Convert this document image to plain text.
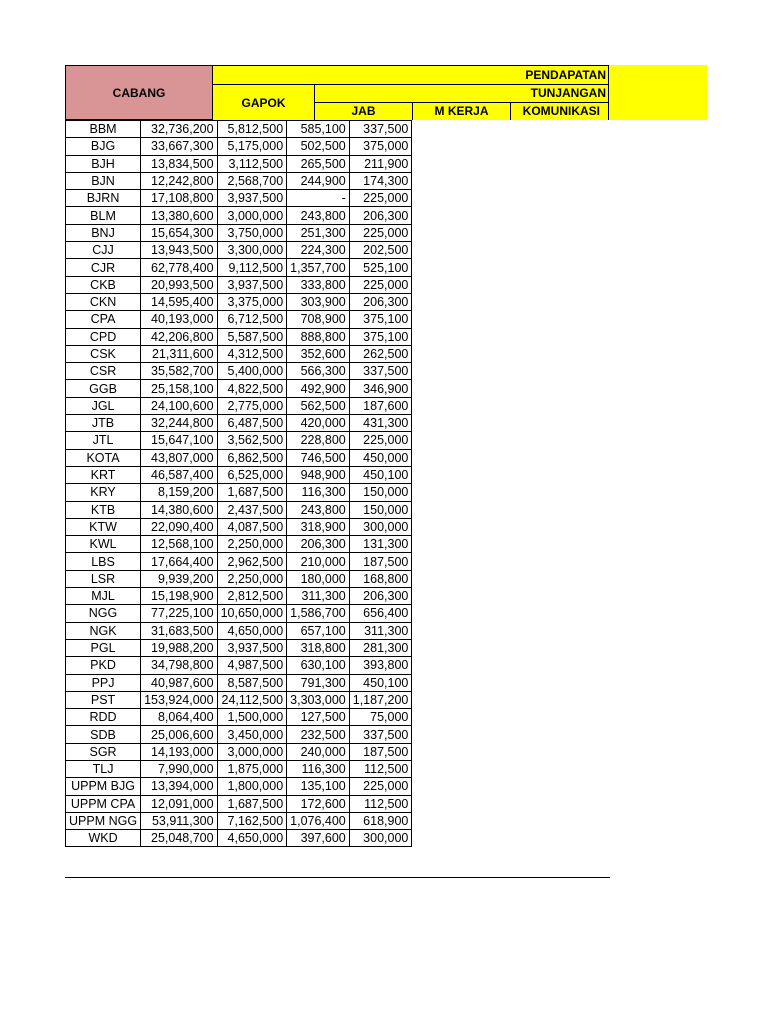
CABANG
PENDAPATAN
GAPOK
TUNJANGAN
JAB	M KERJA	KOMUNIKASI
BBM	32,736,200	5,812,500	585,100	337,500
BJG	33,667,300	5,175,000	502,500	375,000
BJH	13,834,500	3,112,500	265,500	211,900
BJN	12,242,800	2,568,700	244,900	174,300
BJRN	17,108,800	3,937,500	-	225,000
BLM	13,380,600	3,000,000	243,800	206,300
BNJ	15,654,300	3,750,000	251,300	225,000
CJJ	13,943,500	3,300,000	224,300	202,500
CJR	62,778,400	9,112,500	1,357,700	525,100
CKB	20,993,500	3,937,500	333,800	225,000
CKN	14,595,400	3,375,000	303,900	206,300
CPA	40,193,000	6,712,500	708,900	375,100
CPD	42,206,800	5,587,500	888,800	375,100
CSK	21,311,600	4,312,500	352,600	262,500
CSR	35,582,700	5,400,000	566,300	337,500
GGB	25,158,100	4,822,500	492,900	346,900
JGL	24,100,600	2,775,000	562,500	187,600
JTB	32,244,800	6,487,500	420,000	431,300
JTL	15,647,100	3,562,500	228,800	225,000
KOTA	43,807,000	6,862,500	746,500	450,000
KRT	46,587,400	6,525,000	948,900	450,100
KRY	8,159,200	1,687,500	116,300	150,000
KTB	14,380,600	2,437,500	243,800	150,000
KTW	22,090,400	4,087,500	318,900	300,000
KWL	12,568,100	2,250,000	206,300	131,300
LBS	17,664,400	2,962,500	210,000	187,500
LSR	9,939,200	2,250,000	180,000	168,800
MJL	15,198,900	2,812,500	311,300	206,300
NGG	77,225,100	10,650,000	1,586,700	656,400
NGK	31,683,500	4,650,000	657,100	311,300
PGL	19,988,200	3,937,500	318,800	281,300
PKD	34,798,800	4,987,500	630,100	393,800
PPJ	40,987,600	8,587,500	791,300	450,100
PST	153,924,000	24,112,500	3,303,000	1,187,200
RDD	8,064,400	1,500,000	127,500	75,000
SDB	25,006,600	3,450,000	232,500	337,500
SGR	14,193,000	3,000,000	240,000	187,500
TLJ	7,990,000	1,875,000	116,300	112,500
UPPM BJG	13,394,000	1,800,000	135,100	225,000
UPPM CPA	12,091,000	1,687,500	172,600	112,500
UPPM NGG	53,911,300	7,162,500	1,076,400	618,900
WKD	25,048,700	4,650,000	397,600	300,000
